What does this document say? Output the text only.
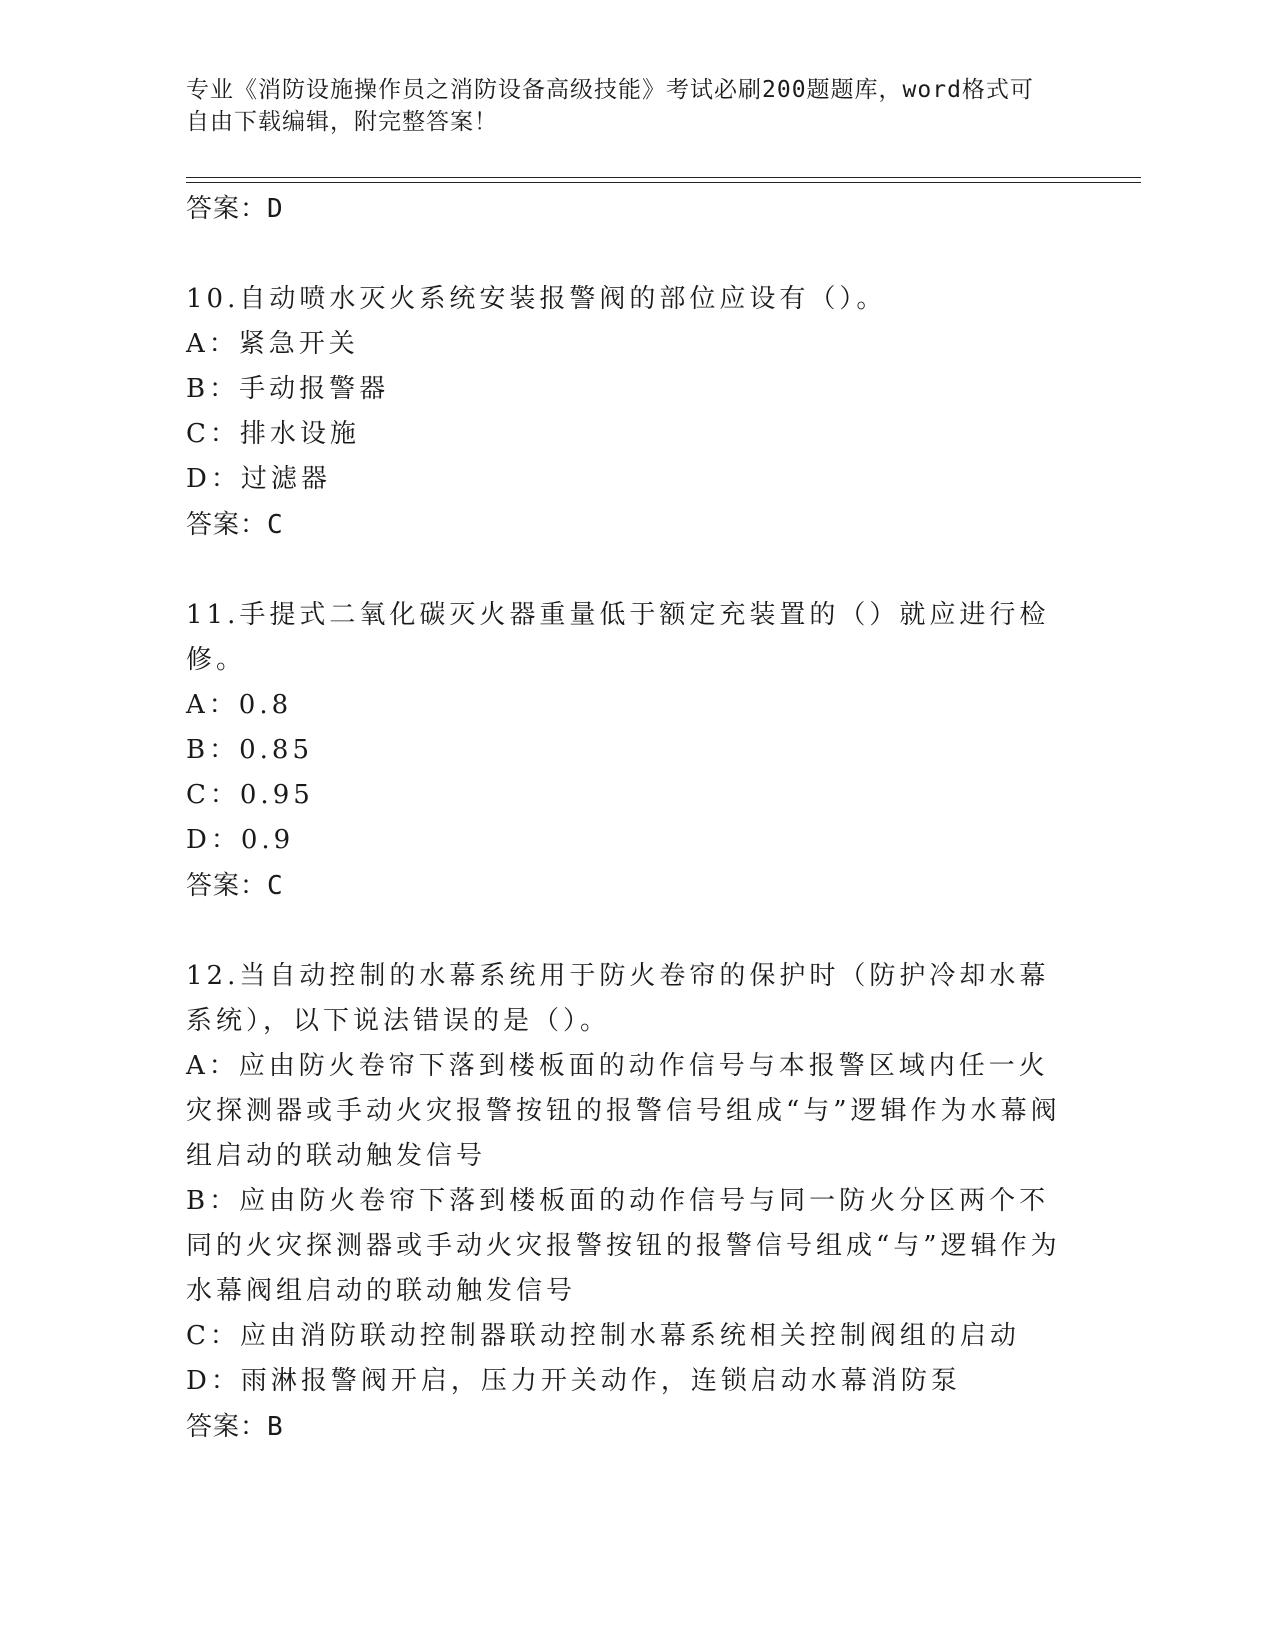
专业《消防设施操作员之消防设备高级技能》考试必刷200题题库，word格式可
自由下载编辑，附完整答案！
答案：D
10.自动喷水灭火系统安装报警阀的部位应设有（）。
A：紧急开关
B：手动报警器
C：排水设施
D：过滤器
答案：C
11.手提式二氧化碳灭火器重量低于额定充装置的（）就应进行检修。
A：0.8
B：0.85
C：0.95
D：0.9
答案：C
12.当自动控制的水幕系统用于防火卷帘的保护时（防护冷却水幕系统），以下说法错误的是（）。
A：应由防火卷帘下落到楼板面的动作信号与本报警区域内任一火灾探测器或手动火灾报警按钮的报警信号组成“与”逻辑作为水幕阀组启动的联动触发信号
B：应由防火卷帘下落到楼板面的动作信号与同一防火分区两个不同的火灾探测器或手动火灾报警按钮的报警信号组成“与”逻辑作为水幕阀组启动的联动触发信号
C：应由消防联动控制器联动控制水幕系统相关控制阀组的启动
D：雨淋报警阀开启，压力开关动作，连锁启动水幕消防泵
答案：B
